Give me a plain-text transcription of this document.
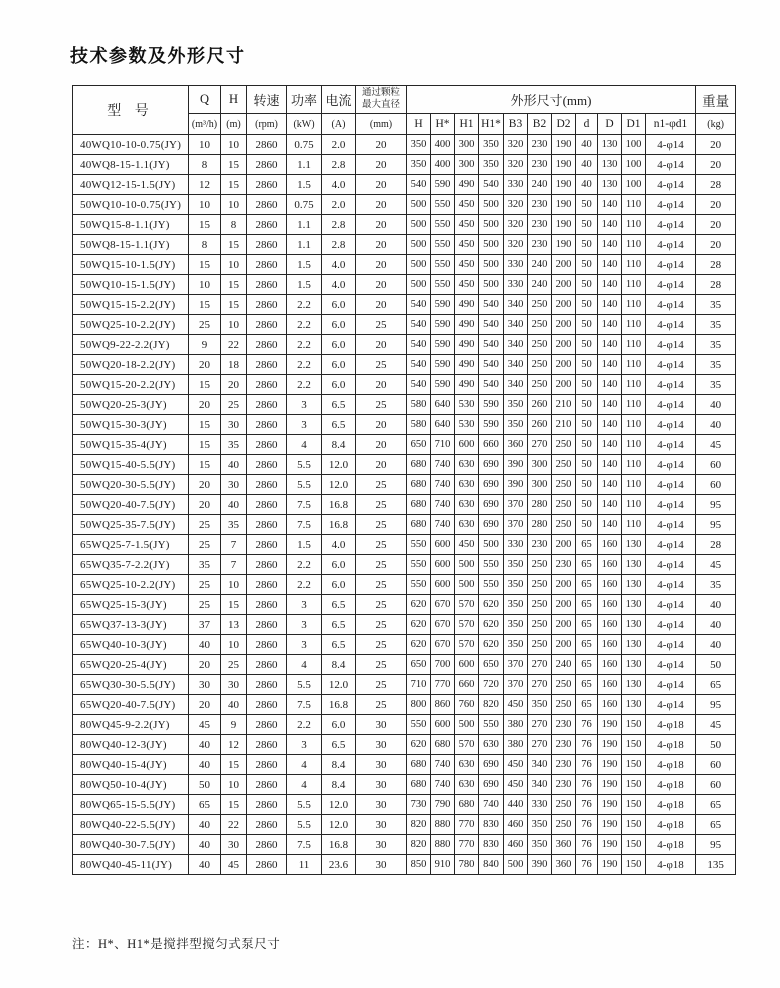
技术参数及外形尺寸
型 号	Q	H	转速	功率	电流	通过颗粒
最大直径	外形尺寸(mm)											重量
	(m³/h)	(m)	(rpm)	(kW)	(A)	(mm)	H	H*	H1	H1*	B3	B2	D2	d	D	D1	n1-φd1	(kg)
40WQ10-10-0.75(JY)	10	10	2860	0.75	2.0	20	350	400	300	350	320	230	190	40	130	100	4-φ14	20
40WQ8-15-1.1(JY)	8	15	2860	1.1	2.8	20	350	400	300	350	320	230	190	40	130	100	4-φ14	20
40WQ12-15-1.5(JY)	12	15	2860	1.5	4.0	20	540	590	490	540	330	240	190	40	130	100	4-φ14	28
50WQ10-10-0.75(JY)	10	10	2860	0.75	2.0	20	500	550	450	500	320	230	190	50	140	110	4-φ14	20
50WQ15-8-1.1(JY)	15	8	2860	1.1	2.8	20	500	550	450	500	320	230	190	50	140	110	4-φ14	20
50WQ8-15-1.1(JY)	8	15	2860	1.1	2.8	20	500	550	450	500	320	230	190	50	140	110	4-φ14	20
50WQ15-10-1.5(JY)	15	10	2860	1.5	4.0	20	500	550	450	500	330	240	200	50	140	110	4-φ14	28
50WQ10-15-1.5(JY)	10	15	2860	1.5	4.0	20	500	550	450	500	330	240	200	50	140	110	4-φ14	28
50WQ15-15-2.2(JY)	15	15	2860	2.2	6.0	20	540	590	490	540	340	250	200	50	140	110	4-φ14	35
50WQ25-10-2.2(JY)	25	10	2860	2.2	6.0	25	540	590	490	540	340	250	200	50	140	110	4-φ14	35
50WQ9-22-2.2(JY)	9	22	2860	2.2	6.0	20	540	590	490	540	340	250	200	50	140	110	4-φ14	35
50WQ20-18-2.2(JY)	20	18	2860	2.2	6.0	25	540	590	490	540	340	250	200	50	140	110	4-φ14	35
50WQ15-20-2.2(JY)	15	20	2860	2.2	6.0	20	540	590	490	540	340	250	200	50	140	110	4-φ14	35
50WQ20-25-3(JY)	20	25	2860	3	6.5	25	580	640	530	590	350	260	210	50	140	110	4-φ14	40
50WQ15-30-3(JY)	15	30	2860	3	6.5	20	580	640	530	590	350	260	210	50	140	110	4-φ14	40
50WQ15-35-4(JY)	15	35	2860	4	8.4	20	650	710	600	660	360	270	250	50	140	110	4-φ14	45
50WQ15-40-5.5(JY)	15	40	2860	5.5	12.0	20	680	740	630	690	390	300	250	50	140	110	4-φ14	60
50WQ20-30-5.5(JY)	20	30	2860	5.5	12.0	25	680	740	630	690	390	300	250	50	140	110	4-φ14	60
50WQ20-40-7.5(JY)	20	40	2860	7.5	16.8	25	680	740	630	690	370	280	250	50	140	110	4-φ14	95
50WQ25-35-7.5(JY)	25	35	2860	7.5	16.8	25	680	740	630	690	370	280	250	50	140	110	4-φ14	95
65WQ25-7-1.5(JY)	25	7	2860	1.5	4.0	25	550	600	450	500	330	230	200	65	160	130	4-φ14	28
65WQ35-7-2.2(JY)	35	7	2860	2.2	6.0	25	550	600	500	550	350	250	230	65	160	130	4-φ14	45
65WQ25-10-2.2(JY)	25	10	2860	2.2	6.0	25	550	600	500	550	350	250	200	65	160	130	4-φ14	35
65WQ25-15-3(JY)	25	15	2860	3	6.5	25	620	670	570	620	350	250	200	65	160	130	4-φ14	40
65WQ37-13-3(JY)	37	13	2860	3	6.5	25	620	670	570	620	350	250	200	65	160	130	4-φ14	40
65WQ40-10-3(JY)	40	10	2860	3	6.5	25	620	670	570	620	350	250	200	65	160	130	4-φ14	40
65WQ20-25-4(JY)	20	25	2860	4	8.4	25	650	700	600	650	370	270	240	65	160	130	4-φ14	50
65WQ30-30-5.5(JY)	30	30	2860	5.5	12.0	25	710	770	660	720	370	270	250	65	160	130	4-φ14	65
65WQ20-40-7.5(JY)	20	40	2860	7.5	16.8	25	800	860	760	820	450	350	250	65	160	130	4-φ14	95
80WQ45-9-2.2(JY)	45	9	2860	2.2	6.0	30	550	600	500	550	380	270	230	76	190	150	4-φ18	45
80WQ40-12-3(JY)	40	12	2860	3	6.5	30	620	680	570	630	380	270	230	76	190	150	4-φ18	50
80WQ40-15-4(JY)	40	15	2860	4	8.4	30	680	740	630	690	450	340	230	76	190	150	4-φ18	60
80WQ50-10-4(JY)	50	10	2860	4	8.4	30	680	740	630	690	450	340	230	76	190	150	4-φ18	60
80WQ65-15-5.5(JY)	65	15	2860	5.5	12.0	30	730	790	680	740	440	330	250	76	190	150	4-φ18	65
80WQ40-22-5.5(JY)	40	22	2860	5.5	12.0	30	820	880	770	830	460	350	250	76	190	150	4-φ18	65
80WQ40-30-7.5(JY)	40	30	2860	7.5	16.8	30	820	880	770	830	460	350	360	76	190	150	4-φ18	95
80WQ40-45-11(JY)	40	45	2860	11	23.6	30	850	910	780	840	500	390	360	76	190	150	4-φ18	135
注：H*、H1*是搅拌型搅匀式泵尺寸
